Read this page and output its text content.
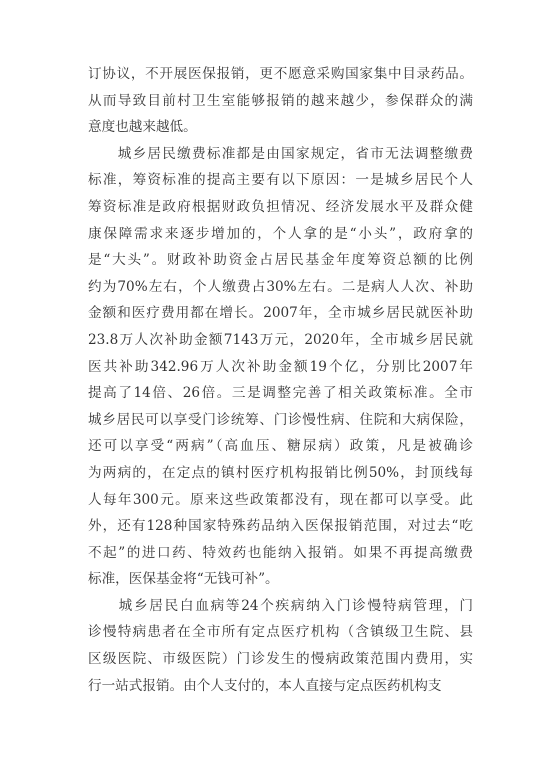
订协议，不开展医保报销，更不愿意采购国家集中目录药品。
从而导致目前村卫生室能够报销的越来越少，参保群众的满
意度也越来越低。
　　城乡居民缴费标准都是由国家规定，省市无法调整缴费
标准，筹资标准的提高主要有以下原因：一是城乡居民个人
筹资标准是政府根据财政负担情况、经济发展水平及群众健
康保障需求来逐步增加的，个人拿的是“小头”，政府拿的
是“大头”。财政补助资金占居民基金年度筹资总额的比例
约为70%左右，个人缴费占30%左右。二是病人人次、补助
金额和医疗费用都在增长。2007年，全市城乡居民就医补助
23.8万人次补助金额7143万元，2020年，全市城乡居民就
医共补助342.96万人次补助金额19个亿，分别比2007年
提高了14倍、26倍。三是调整完善了相关政策标准。全市
城乡居民可以享受门诊统筹、门诊慢性病、住院和大病保险，
还可以享受“两病”（高血压、糖尿病）政策，凡是被确诊
为两病的，在定点的镇村医疗机构报销比例50%，封顶线每
人每年300元。原来这些政策都没有，现在都可以享受。此
外，还有128种国家特殊药品纳入医保报销范围，对过去“吃
不起”的进口药、特效药也能纳入报销。如果不再提高缴费
标准，医保基金将“无钱可补”。
　　城乡居民白血病等24个疾病纳入门诊慢特病管理，门
诊慢特病患者在全市所有定点医疗机构（含镇级卫生院、县
区级医院、市级医院）门诊发生的慢病政策范围内费用，实
行一站式报销。由个人支付的，本人直接与定点医药机构支
